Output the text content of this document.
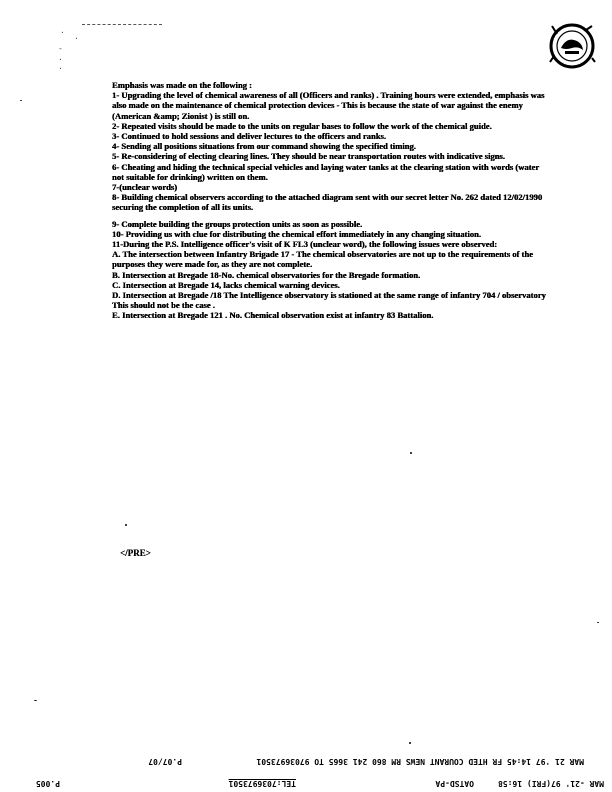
.
- . .
.

Emphasis was made on the following :

1- Upgrading the level of chemical awareness of all (Officers and ranks) . Training hours were extended, emphasis was also made on the maintenance of chemical protection devices - This is because the state of war against the enemy (American &amp; Zionist ) is still on.

2- Repeated visits should be made to the units on regular bases to follow the work of the chemical guide.

3- Continued to hold sessions and deliver lectures to the officers and ranks.

4- Sending all positions situations from our command showing the specified timing.

5- Re-considering of electing clearing lines. They should be near transportation routes with indicative signs.

6- Cheating and hiding the technical special vehicles and laying water tanks at the clearing station with words (water not suitable for drinking) written on them.

7-(unclear words)

8- Building chemical observers according to the attached diagram sent with our secret letter No. 262 dated 12/02/1990 securing the completion of all its units.

9- Complete building the groups protection units as soon as possible.

10- Providing us with clue for distributing the chemical effort immediately in any changing situation.

11-During the P.S. Intelligence officer's visit of K FL3 (unclear word), the following issues were observed:

A. The intersection between Infantry Brigade 17 - The chemical observatories are not up to the requirements of the purposes they were made for, as they are not complete.

B. Intersection at Bregade 18-No. chemical observatories for the Bregade formation.

C. Intersection at Bregade 14, lacks chemical warning devices.

D. Intersection at Bregade /18 The Intelligence observatory is stationed at the same range of infantry 704 / observatory This should not be the case .

E. Intersection at Bregade 121 . No. Chemical observation exist at infantry 83 Battalion.

</PRE>
MAR 21 '97 14:45 FR HTED COURANT NEWS RM 860 241 3665 TO 97036973501
P.07/07
MAR -21' 97(FRI) 16:58
OATSD-PA
TEL:7036973501
P.005
